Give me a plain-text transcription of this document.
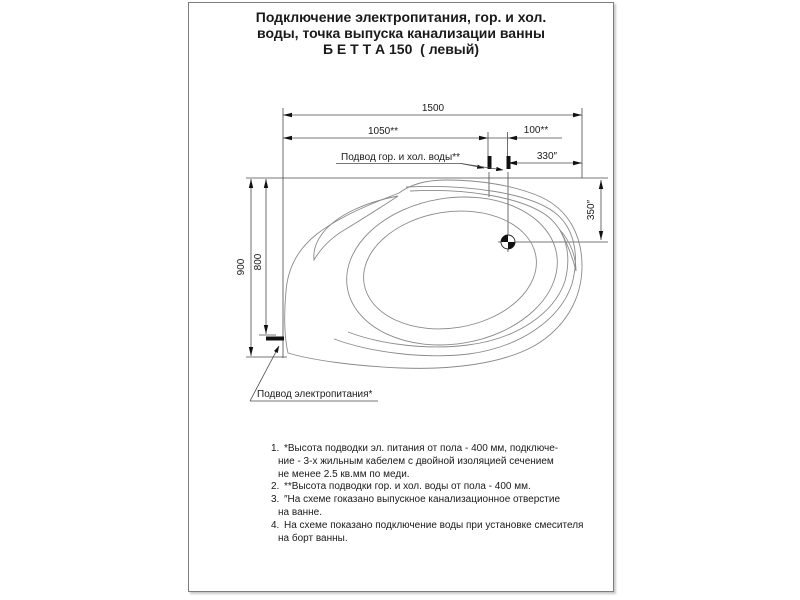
Подключение электропитания, гор. и хол.
воды, точка выпуска канализации ванны
Б Е Т Т А 150  ( левый)
1500
1050**	100**
330″
350″
900 800
Подвод гор. и хол. воды**
Подвод электропитания*
1. *Высота подводки эл. питания от пола - 400 мм, подключе-
ние - 3-х жильным кабелем с двойной изоляцией сечением
не менее 2.5 кв.мм по меди.
2. **Высота подводки гор. и хол. воды от пола - 400 мм.
3. ″На схеме гоказано выпускное канализационное отверстие
на ванне.
4. На схеме показано подключение воды при установке смесителя
на борт ванны.
